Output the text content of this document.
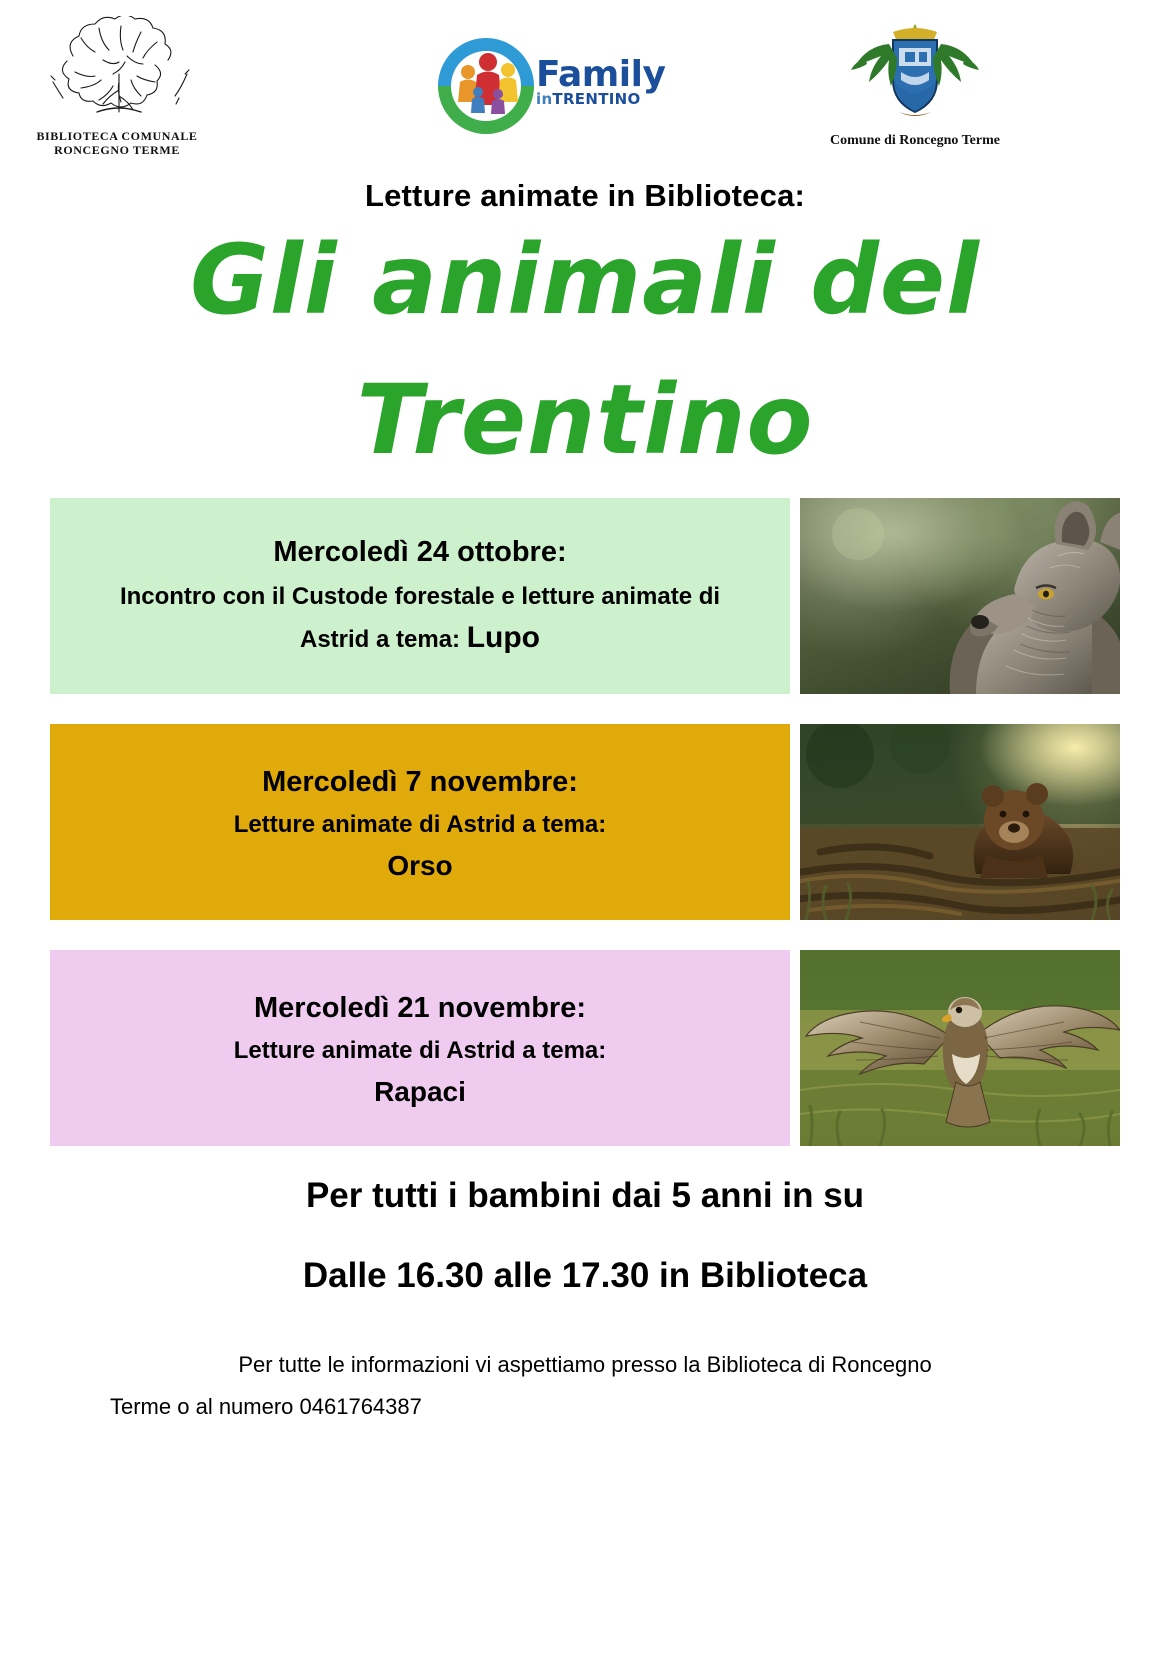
BIBLIOTECA COMUNALE
RONCEGNO TERME
Family
inTRENTINO
Comune di Roncegno Terme
Letture animate in Biblioteca:
Gli animali del
Trentino
Mercoledì 24 ottobre:
Incontro con il Custode forestale e letture animate di
Astrid a tema: Lupo
Mercoledì 7 novembre:
Letture animate di Astrid a tema:
Orso
Mercoledì 21 novembre:
Letture animate di Astrid a tema:
Rapaci
Per tutti i bambini dai 5 anni in su
Dalle 16.30 alle 17.30 in Biblioteca
Per tutte le informazioni vi aspettiamo presso la Biblioteca di Roncegno
Terme o al numero 0461764387
